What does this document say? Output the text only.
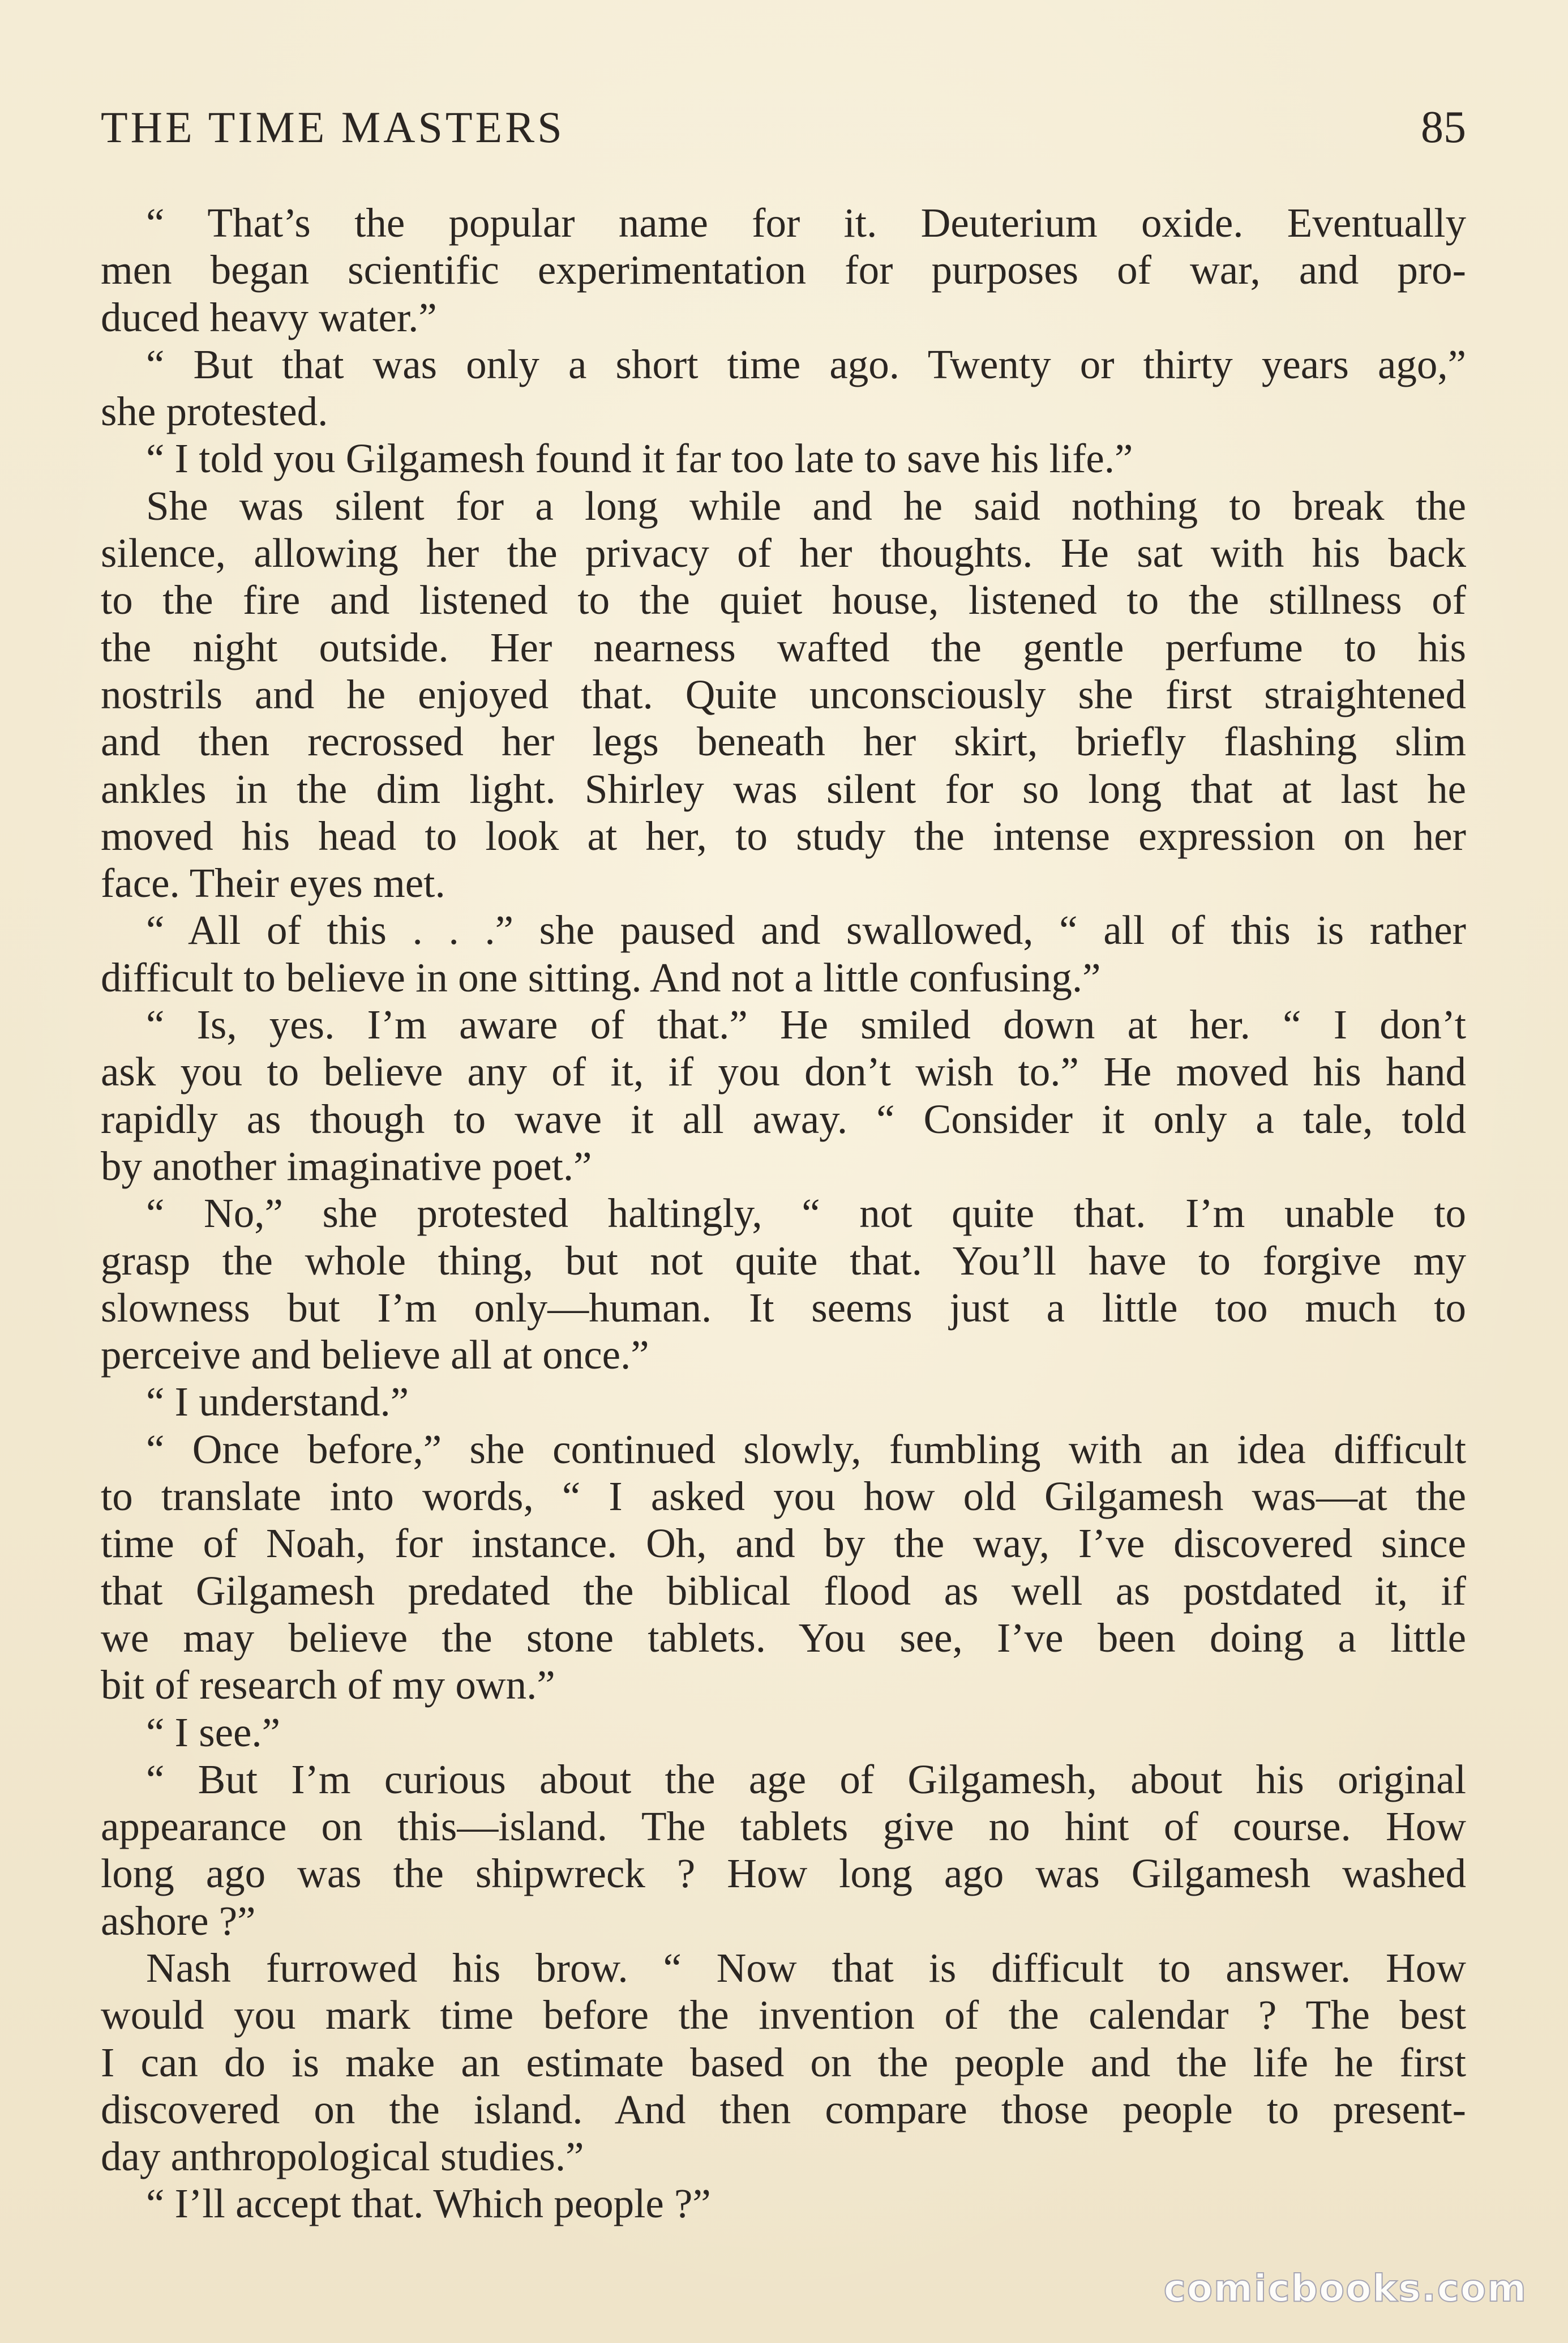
THE TIME MASTERS	85
“ That’s the popular name for it. Deuterium oxide. Eventually
men began scientific experimentation for purposes of war, and pro-
duced heavy water.”
“ But that was only a short time ago. Twenty or thirty years ago,”
she protested.
“ I told you Gilgamesh found it far too late to save his life.”
She was silent for a long while and he said nothing to break the
silence, allowing her the privacy of her thoughts. He sat with his back
to the fire and listened to the quiet house, listened to the stillness of
the night outside. Her nearness wafted the gentle perfume to his
nostrils and he enjoyed that. Quite unconsciously she first straightened
and then recrossed her legs beneath her skirt, briefly flashing slim
ankles in the dim light. Shirley was silent for so long that at last he
moved his head to look at her, to study the intense expression on her
face. Their eyes met.
“ All of this . . .” she paused and swallowed, “ all of this is rather
difficult to believe in one sitting. And not a little confusing.”
“ Is, yes. I’m aware of that.” He smiled down at her. “ I don’t
ask you to believe any of it, if you don’t wish to.” He moved his hand
rapidly as though to wave it all away. “ Consider it only a tale, told
by another imaginative poet.”
“ No,” she protested haltingly, “ not quite that. I’m unable to
grasp the whole thing, but not quite that. You’ll have to forgive my
slowness but I’m only—human. It seems just a little too much to
perceive and believe all at once.”
“ I understand.”
“ Once before,” she continued slowly, fumbling with an idea difficult
to translate into words, “ I asked you how old Gilgamesh was—at the
time of Noah, for instance. Oh, and by the way, I’ve discovered since
that Gilgamesh predated the biblical flood as well as postdated it, if
we may believe the stone tablets. You see, I’ve been doing a little
bit of research of my own.”
“ I see.”
“ But I’m curious about the age of Gilgamesh, about his original
appearance on this—island. The tablets give no hint of course. How
long ago was the shipwreck ? How long ago was Gilgamesh washed
ashore ?”
Nash furrowed his brow. “ Now that is difficult to answer. How
would you mark time before the invention of the calendar ? The best
I can do is make an estimate based on the people and the life he first
discovered on the island. And then compare those people to present-
day anthropological studies.”
“ I’ll accept that. Which people ?”
comicbooks.com
